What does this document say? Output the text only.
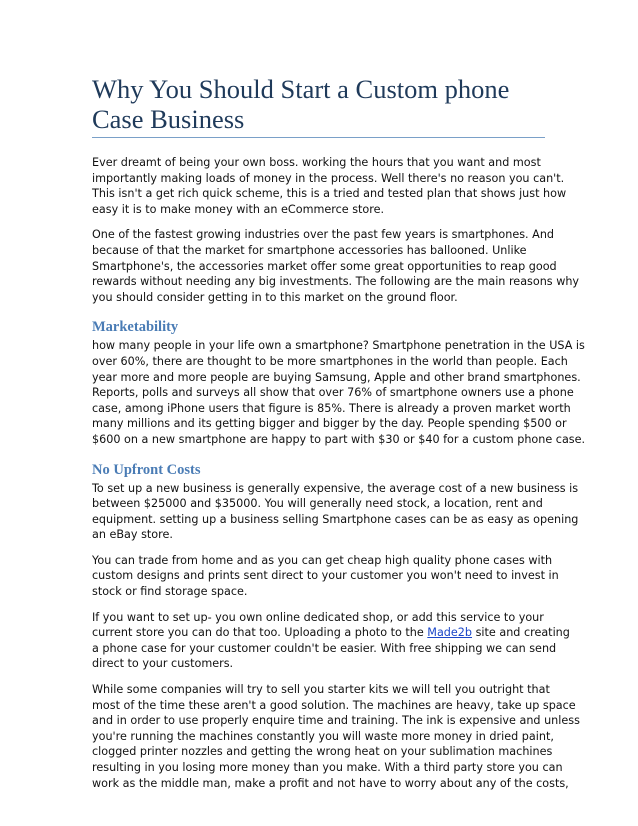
Why You Should Start a Custom phone
Case Business

Ever dreamt of being your own boss. working the hours that you want and most
importantly making loads of money in the process. Well there's no reason you can't.
This isn't a get rich quick scheme, this is a tried and tested plan that shows just how
easy it is to make money with an eCommerce store.

One of the fastest growing industries over the past few years is smartphones. And
because of that the market for smartphone accessories has ballooned. Unlike
Smartphone's, the accessories market offer some great opportunities to reap good
rewards without needing any big investments. The following are the main reasons why
you should consider getting in to this market on the ground floor.

Marketability

how many people in your life own a smartphone? Smartphone penetration in the USA is
over 60%, there are thought to be more smartphones in the world than people. Each
year more and more people are buying Samsung, Apple and other brand smartphones.
Reports, polls and surveys all show that over 76% of smartphone owners use a phone
case, among iPhone users that figure is 85%. There is already a proven market worth
many millions and its getting bigger and bigger by the day. People spending $500 or
$600 on a new smartphone are happy to part with $30 or $40 for a custom phone case.

No Upfront Costs

To set up a new business is generally expensive, the average cost of a new business is
between $25000 and $35000. You will generally need stock, a location, rent and
equipment. setting up a business selling Smartphone cases can be as easy as opening
an eBay store.

You can trade from home and as you can get cheap high quality phone cases with
custom designs and prints sent direct to your customer you won't need to invest in
stock or find storage space.

If you want to set up- you own online dedicated shop, or add this service to your
current store you can do that too. Uploading a photo to the Made2b site and creating
a phone case for your customer couldn't be easier. With free shipping we can send
direct to your customers.

While some companies will try to sell you starter kits we will tell you outright that
most of the time these aren't a good solution. The machines are heavy, take up space
and in order to use properly enquire time and training. The ink is expensive and unless
you're running the machines constantly you will waste more money in dried paint,
clogged printer nozzles and getting the wrong heat on your sublimation machines
resulting in you losing more money than you make. With a third party store you can
work as the middle man, make a profit and not have to worry about any of the costs,
